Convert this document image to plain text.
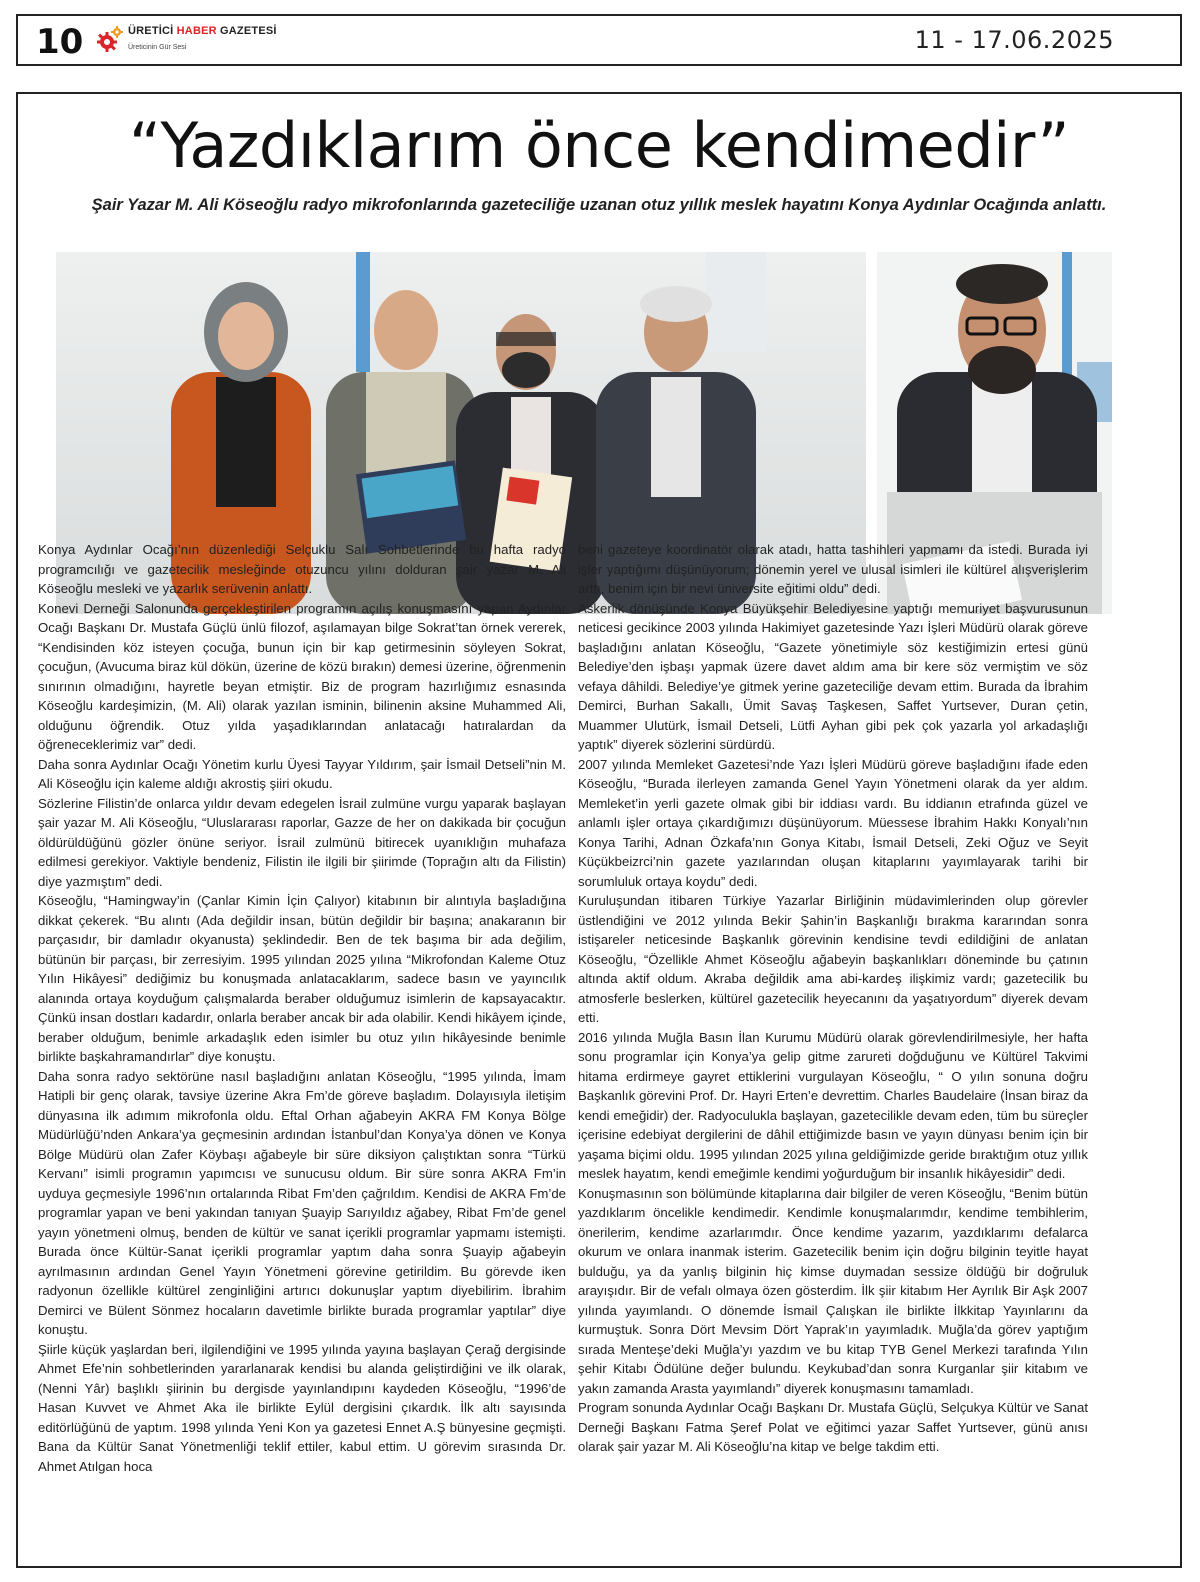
10	ÜRETİCİ HABER GAZETESİ
Üreticinin Gür Sesi	11 - 17.06.2025
“Yazdıklarım önce kendimedir”
Şair Yazar M. Ali Köseoğlu radyo mikrofonlarında gazeteciliğe uzanan otuz yıllık meslek hayatını Konya Aydınlar Ocağında anlattı.

Konya Aydınlar Ocağı’nın düzenlediği Selçuklu Salı Sohbetlerinde bu hafta radyo programcılığı ve gazetecilik mesleğinde otuzuncu yılını dolduran şair yazar M. Ali Köseoğlu mesleki ve yazarlık serüvenin anlattı.

Konevi Derneği Salonunda gerçekleştirilen programın açılış konuşmasını yapan Aydınlar Ocağı Başkanı Dr. Mustafa Güçlü ünlü filozof, aşılamayan bilge Sokrat’tan örnek vererek, “Kendisinden köz isteyen çocuğa, bunun için bir kap getirmesinin söyleyen Sokrat, çocuğun, (Avucuma biraz kül dökün, üzerine de közü bırakın) demesi üzerine, öğrenmenin sınırının olmadığını, hayretle beyan etmiştir. Biz de program hazırlığımız esnasında Köseoğlu kardeşimizin, (M. Ali) olarak yazılan isminin, bilinenin aksine Muhammed Ali, olduğunu öğrendik. Otuz yılda yaşadıklarından anlatacağı hatıralardan da öğreneceklerimiz var” dedi.

Daha sonra Aydınlar Ocağı Yönetim kurlu Üyesi Tayyar Yıldırım, şair İsmail Detseli”nin M. Ali Köseoğlu için kaleme aldığı akrostiş şiiri okudu.

Sözlerine Filistin’de onlarca yıldır devam edegelen İsrail zulmüne vurgu yaparak başlayan şair yazar M. Ali Köseoğlu, “Uluslararası raporlar, Gazze de her on dakikada bir çocuğun öldürüldüğünü gözler önüne seriyor. İsrail zulmünü bitirecek uyanıklığın muhafaza edilmesi gerekiyor. Vaktiyle bendeniz, Filistin ile ilgili bir şiirimde (Toprağın altı da Filistin) diye yazmıştım” dedi.

Köseoğlu, “Hamingway’in (Çanlar Kimin İçin Çalıyor) kitabının bir alıntıyla başladığına dikkat çekerek. “Bu alıntı (Ada değildir insan, bütün değildir bir başına; anakaranın bir parçasıdır, bir damladır okyanusta) şeklindedir. Ben de tek başıma bir ada değilim, bütünün bir parçası, bir zerresiyim. 1995 yılından 2025 yılına “Mikrofondan Kaleme Otuz Yılın Hikâyesi” dediğimiz bu konuşmada anlatacaklarım, sadece basın ve yayıncılık alanında ortaya koyduğum çalışmalarda beraber olduğumuz isimlerin de kapsayacaktır. Çünkü insan dostları kadardır, onlarla beraber ancak bir ada olabilir. Kendi hikâyem içinde, beraber olduğum, benimle arkadaşlık eden isimler bu otuz yılın hikâyesinde benimle birlikte başkahramandırlar” diye konuştu.

Daha sonra radyo sektörüne nasıl başladığını anlatan Köseoğlu, “1995 yılında, İmam Hatipli bir genç olarak, tavsiye üzerine Akra Fm’de göreve başladım. Dolayısıyla iletişim dünyasına ilk adımım mikrofonla oldu. Eftal Orhan ağabeyin AKRA FM Konya Bölge Müdürlüğü’nden Ankara’ya geçmesinin ardından İstanbul’dan Konya’ya dönen ve Konya Bölge Müdürü olan Zafer Köybaşı ağabeyle bir süre diksiyon çalıştıktan sonra “Türkü Kervanı” isimli programın yapımcısı ve sunucusu oldum. Bir süre sonra AKRA Fm’in uyduya geçmesiyle 1996’nın ortalarında Ribat Fm’den çağrıldım. Kendisi de AKRA Fm’de programlar yapan ve beni yakından tanıyan Şuayip Sarıyıldız ağabey, Ribat Fm’de genel yayın yönetmeni olmuş, benden de kültür ve sanat içerikli programlar yapmamı istemişti. Burada önce Kültür-Sanat içerikli programlar yaptım daha sonra Şuayip ağabeyin ayrılmasının ardından Genel Yayın Yönetmeni görevine getirildim. Bu görevde iken radyonun özellikle kültürel zenginliğini artırıcı dokunuşlar yaptım diyebilirim. İbrahim Demirci ve Bülent Sönmez hocaların davetimle birlikte burada programlar yaptılar” diye konuştu.

Şiirle küçük yaşlardan beri, ilgilendiğini ve 1995 yılında yayına başlayan Çerağ dergisinde Ahmet Efe’nin sohbetlerinden yararlanarak kendisi bu alanda geliştirdiğini ve ilk olarak, (Nenni Yâr) başlıklı şiirinin bu dergisde yayınlandıpını kaydeden Köseoğlu, “1996’de Hasan Kuvvet ve Ahmet Aka ile birlikte Eylül dergisini çıkardık. İlk altı sayısında editörlüğünü de yaptım. 1998 yılında Yeni Kon ya gazetesi Ennet A.Ş bünyesine geçmişti. Bana da Kültür Sanat Yönetmenliği teklif ettiler, kabul ettim. U görevim sırasında Dr. Ahmet Atılgan hoca

beni gazeteye koordinatör olarak atadı, hatta tashihleri yapmamı da istedi. Burada iyi işler yaptığımı düşünüyorum; dönemin yerel ve ulusal isimleri ile kültürel alışverişlerim arttı, benim için bir nevi üniversite eğitimi oldu” dedi.

Askerlik dönüşünde Konya Büyükşehir Belediyesine yaptığı memuriyet başvurusunun neticesi gecikince 2003 yılında Hakimiyet gazetesinde Yazı İşleri Müdürü olarak göreve başladığını anlatan Köseoğlu, “Gazete yönetimiyle söz kestiğimizin ertesi günü Belediye’den işbaşı yapmak üzere davet aldım ama bir kere söz vermiştim ve söz vefaya dâhildi. Belediye’ye gitmek yerine gazeteciliğe devam ettim. Burada da İbrahim Demirci, Burhan Sakallı, Ümit Savaş Taşkesen, Saffet Yurtsever, Duran çetin, Muammer Ulutürk, İsmail Detseli, Lütfi Ayhan gibi pek çok yazarla yol arkadaşlığı yaptık” diyerek sözlerini sürdürdü.

2007 yılında Memleket Gazetesi’nde Yazı İşleri Müdürü göreve başladığını ifade eden Köseoğlu, “Burada ilerleyen zamanda Genel Yayın Yönetmeni olarak da yer aldım. Memleket’in yerli gazete olmak gibi bir iddiası vardı. Bu iddianın etrafında güzel ve anlamlı işler ortaya çıkardığımızı düşünüyorum. Müessese İbrahim Hakkı Konyalı’nın Konya Tarihi, Adnan Özkafa’nın Gonya Kitabı, İsmail Detseli, Zeki Oğuz ve Seyit Küçükbeizrci’nin gazete yazılarından oluşan kitaplarını yayımlayarak tarihi bir sorumluluk ortaya koydu” dedi.

Kuruluşundan itibaren Türkiye Yazarlar Birliğinin müdavimlerinden olup görevler üstlendiğini ve 2012 yılında Bekir Şahin’in Başkanlığı bırakma kararından sonra istişareler neticesinde Başkanlık görevinin kendisine tevdi edildiğini de anlatan Köseoğlu, “Özellikle Ahmet Köseoğlu ağabeyin başkanlıkları döneminde bu çatının altında aktif oldum. Akraba değildik ama abi-kardeş ilişkimiz vardı; gazetecilik bu atmosferle beslerken, kültürel gazetecilik heyecanını da yaşatıyordum” diyerek devam etti.

2016 yılında Muğla Basın İlan Kurumu Müdürü olarak görevlendirilmesiyle, her hafta sonu programlar için Konya’ya gelip gitme zarureti doğduğunu ve Kültürel Takvimi hitama erdirmeye gayret ettiklerini vurgulayan Köseoğlu, “ O yılın sonuna doğru Başkanlık görevini Prof. Dr. Hayri Erten’e devrettim. Charles Baudelaire (İnsan biraz da kendi emeğidir) der. Radyoculukla başlayan, gazetecilikle devam eden, tüm bu süreçler içerisine edebiyat dergilerini de dâhil ettiğimizde basın ve yayın dünyası benim için bir yaşama biçimi oldu. 1995 yılından 2025 yılına geldiğimizde geride bıraktığım otuz yıllık meslek hayatım, kendi emeğimle kendimi yoğurduğum bir insanlık hikâyesidir” dedi.

Konuşmasının son bölümünde kitaplarına dair bilgiler de veren Köseoğlu, “Benim bütün yazdıklarım öncelikle kendimedir. Kendimle konuşmalarımdır, kendime tembihlerim, önerilerim, kendime azarlarımdır. Önce kendime yazarım, yazdıklarımı defalarca okurum ve onlara inanmak isterim. Gazetecilik benim için doğru bilginin teyitle hayat bulduğu, ya da yanlış bilginin hiç kimse duymadan sessize öldüğü bir doğruluk arayışıdır. Bir de vefalı olmaya özen gösterdim. İlk şiir kitabım Her Ayrılık Bir Aşk 2007 yılında yayımlandı. O dönemde İsmail Çalışkan ile birlikte İlkkitap Yayınlarını da kurmuştuk. Sonra Dört Mevsim Dört Yaprak’ın yayımladık. Muğla’da görev yaptığım sırada Menteşe’deki Muğla’yı yazdım ve bu kitap TYB Genel Merkezi tarafında Yılın şehir Kitabı Ödülüne değer bulundu. Keykubad’dan sonra Kurganlar şiir kitabım ve yakın zamanda Arasta yayımlandı” diyerek konuşmasını tamamladı.

Program sonunda Aydınlar Ocağı Başkanı Dr. Mustafa Güçlü, Selçukya Kültür ve Sanat Derneği Başkanı Fatma Şeref Polat ve eğitimci yazar Saffet Yurtsever, günü anısı olarak şair yazar M. Ali Köseoğlu’na kitap ve belge takdim etti.
